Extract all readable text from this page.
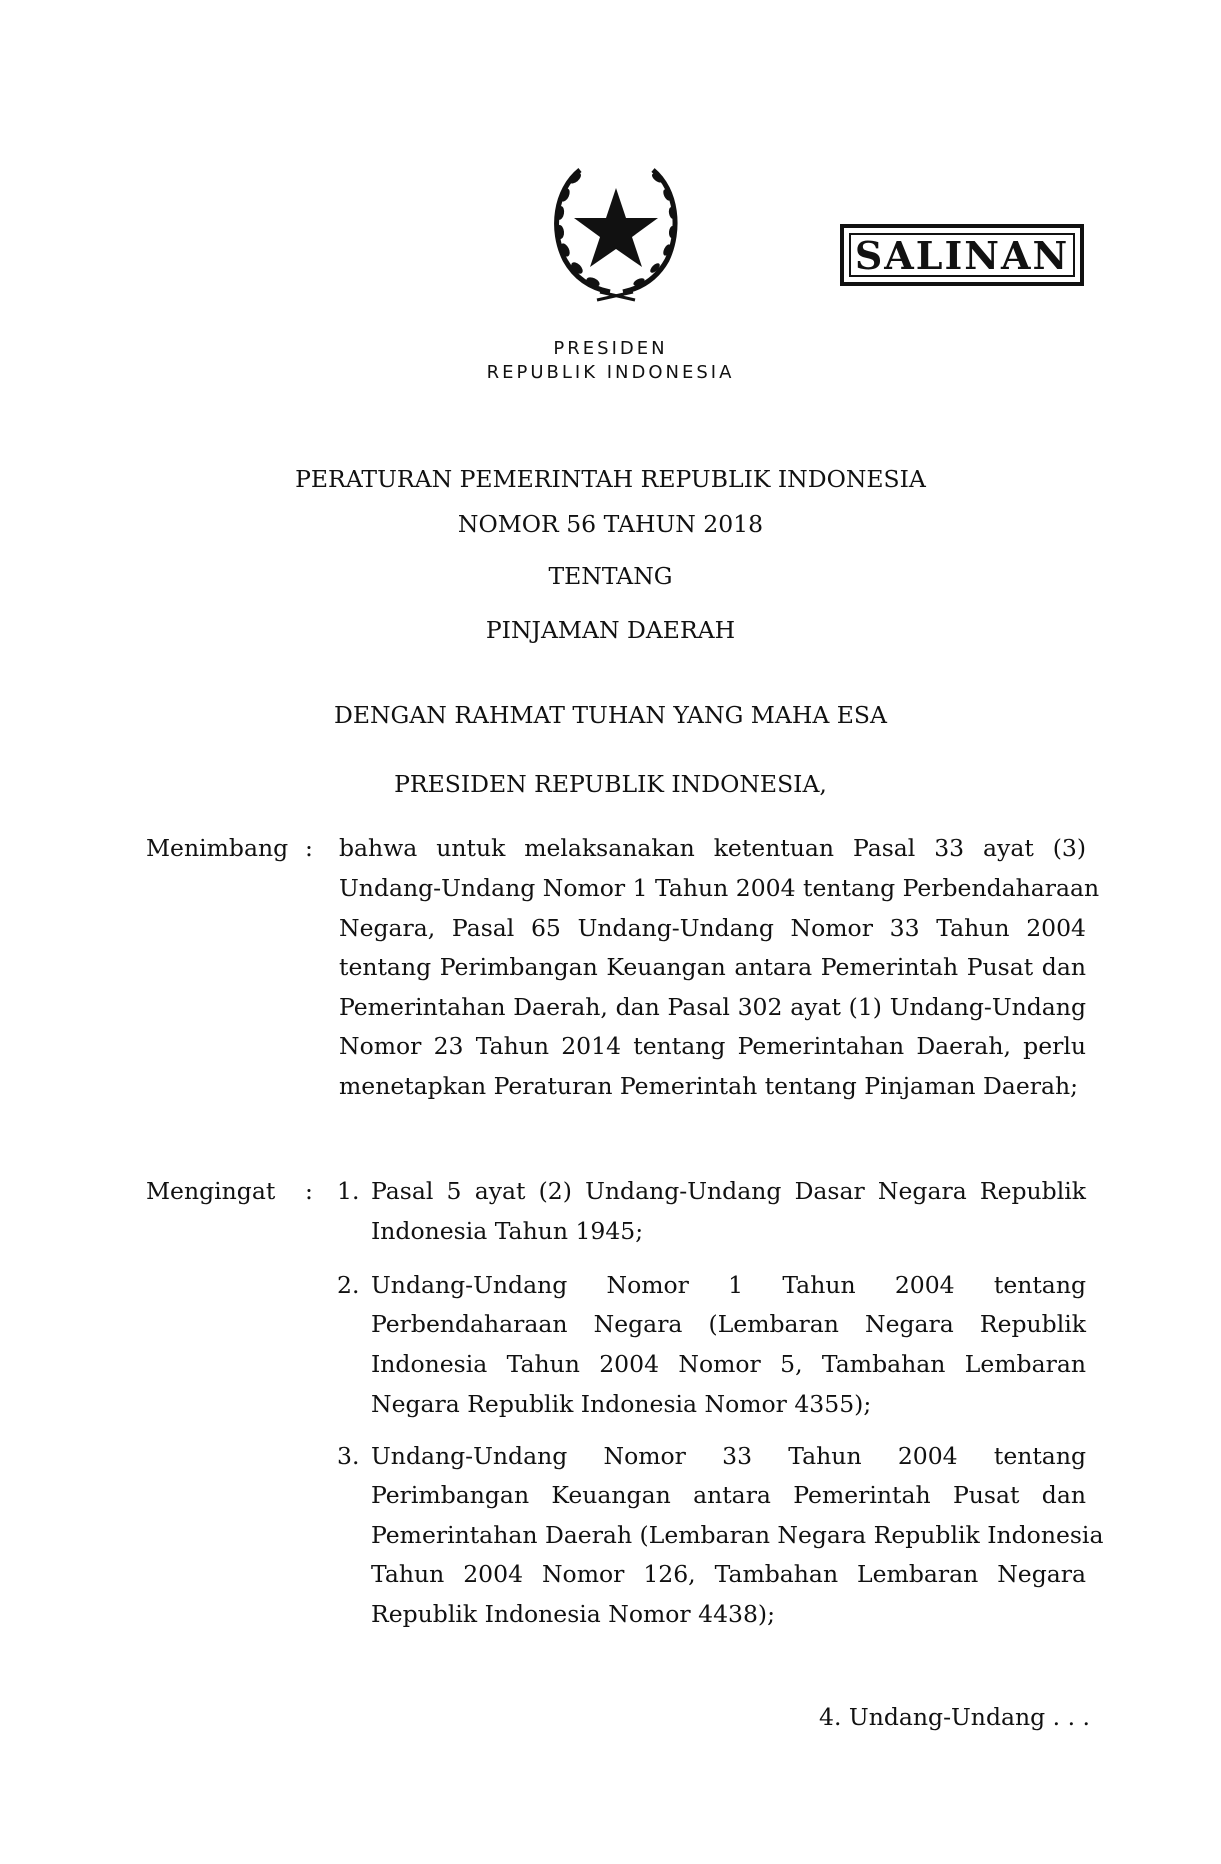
SALINAN
PRESIDEN
REPUBLIK INDONESIA
PERATURAN PEMERINTAH REPUBLIK INDONESIA
NOMOR 56 TAHUN 2018
TENTANG
PINJAMAN DAERAH
DENGAN RAHMAT TUHAN YANG MAHA ESA
PRESIDEN REPUBLIK INDONESIA,
Menimbang : bahwa untuk melaksanakan ketentuan Pasal 33 ayat (3)
Undang-Undang Nomor 1 Tahun 2004 tentang Perbendaharaan
Negara, Pasal 65 Undang-Undang Nomor 33 Tahun 2004
tentang Perimbangan Keuangan antara Pemerintah Pusat dan
Pemerintahan Daerah, dan Pasal 302 ayat (1) Undang-Undang
Nomor 23 Tahun 2014 tentang Pemerintahan Daerah, perlu
menetapkan Peraturan Pemerintah tentang Pinjaman Daerah;
Mengingat : 1. Pasal 5 ayat (2) Undang-Undang Dasar Negara Republik
Indonesia Tahun 1945;
2. Undang-Undang Nomor 1 Tahun 2004 tentang
Perbendaharaan Negara (Lembaran Negara Republik
Indonesia Tahun 2004 Nomor 5, Tambahan Lembaran
Negara Republik Indonesia Nomor 4355);
3. Undang-Undang Nomor 33 Tahun 2004 tentang
Perimbangan Keuangan antara Pemerintah Pusat dan
Pemerintahan Daerah (Lembaran Negara Republik Indonesia
Tahun 2004 Nomor 126, Tambahan Lembaran Negara
Republik Indonesia Nomor 4438);
4. Undang-Undang . . .
